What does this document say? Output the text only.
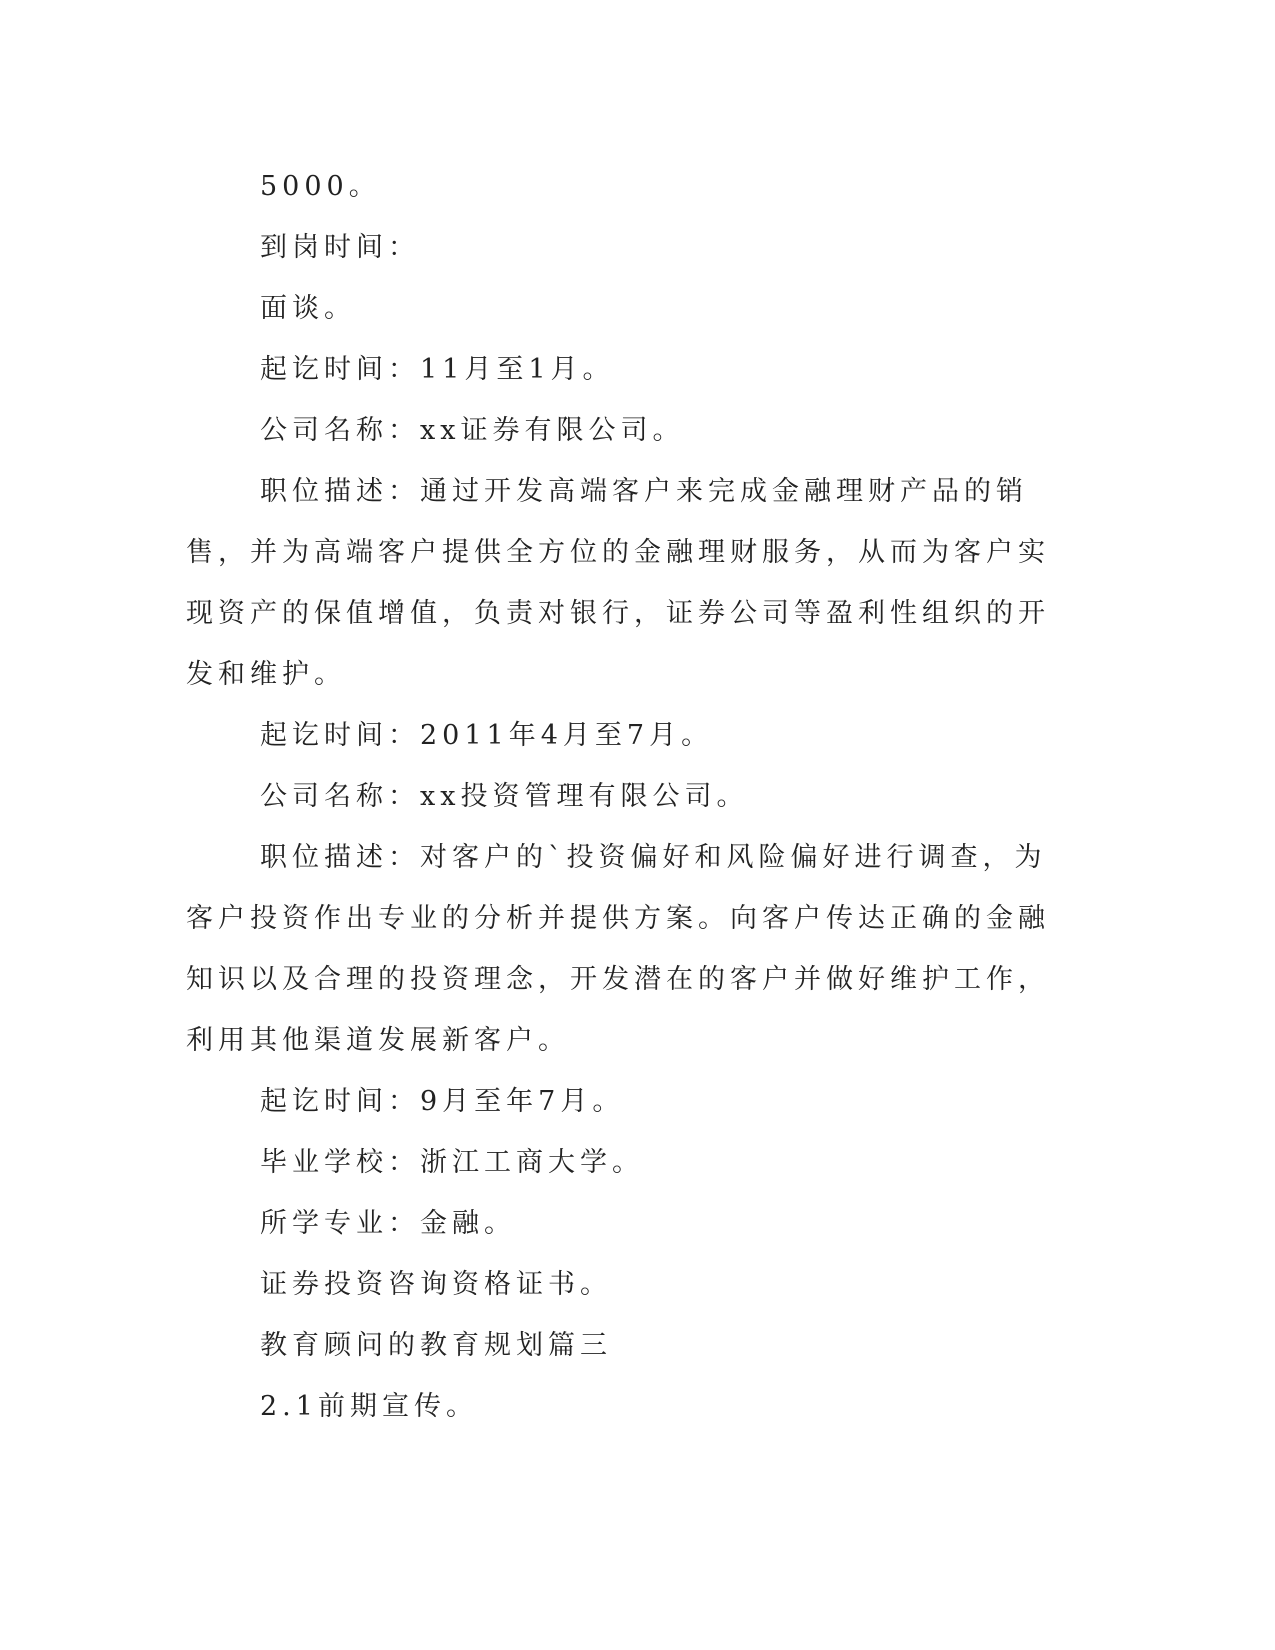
5000。

到岗时间：

面谈。

起讫时间：11月至1月。

公司名称：xx证券有限公司。

职位描述：通过开发高端客户来完成金融理财产品的销售，并为高端客户提供全方位的金融理财服务，从而为客户实现资产的保值增值，负责对银行，证券公司等盈利性组织的开发和维护。

起讫时间：2011年4月至7月。

公司名称：xx投资管理有限公司。

职位描述：对客户的`投资偏好和风险偏好进行调查，为客户投资作出专业的分析并提供方案。向客户传达正确的金融知识以及合理的投资理念，开发潜在的客户并做好维护工作，利用其他渠道发展新客户。

起讫时间：9月至年7月。

毕业学校：浙江工商大学。

所学专业：金融。

证券投资咨询资格证书。

教育顾问的教育规划篇三

2.1前期宣传。
